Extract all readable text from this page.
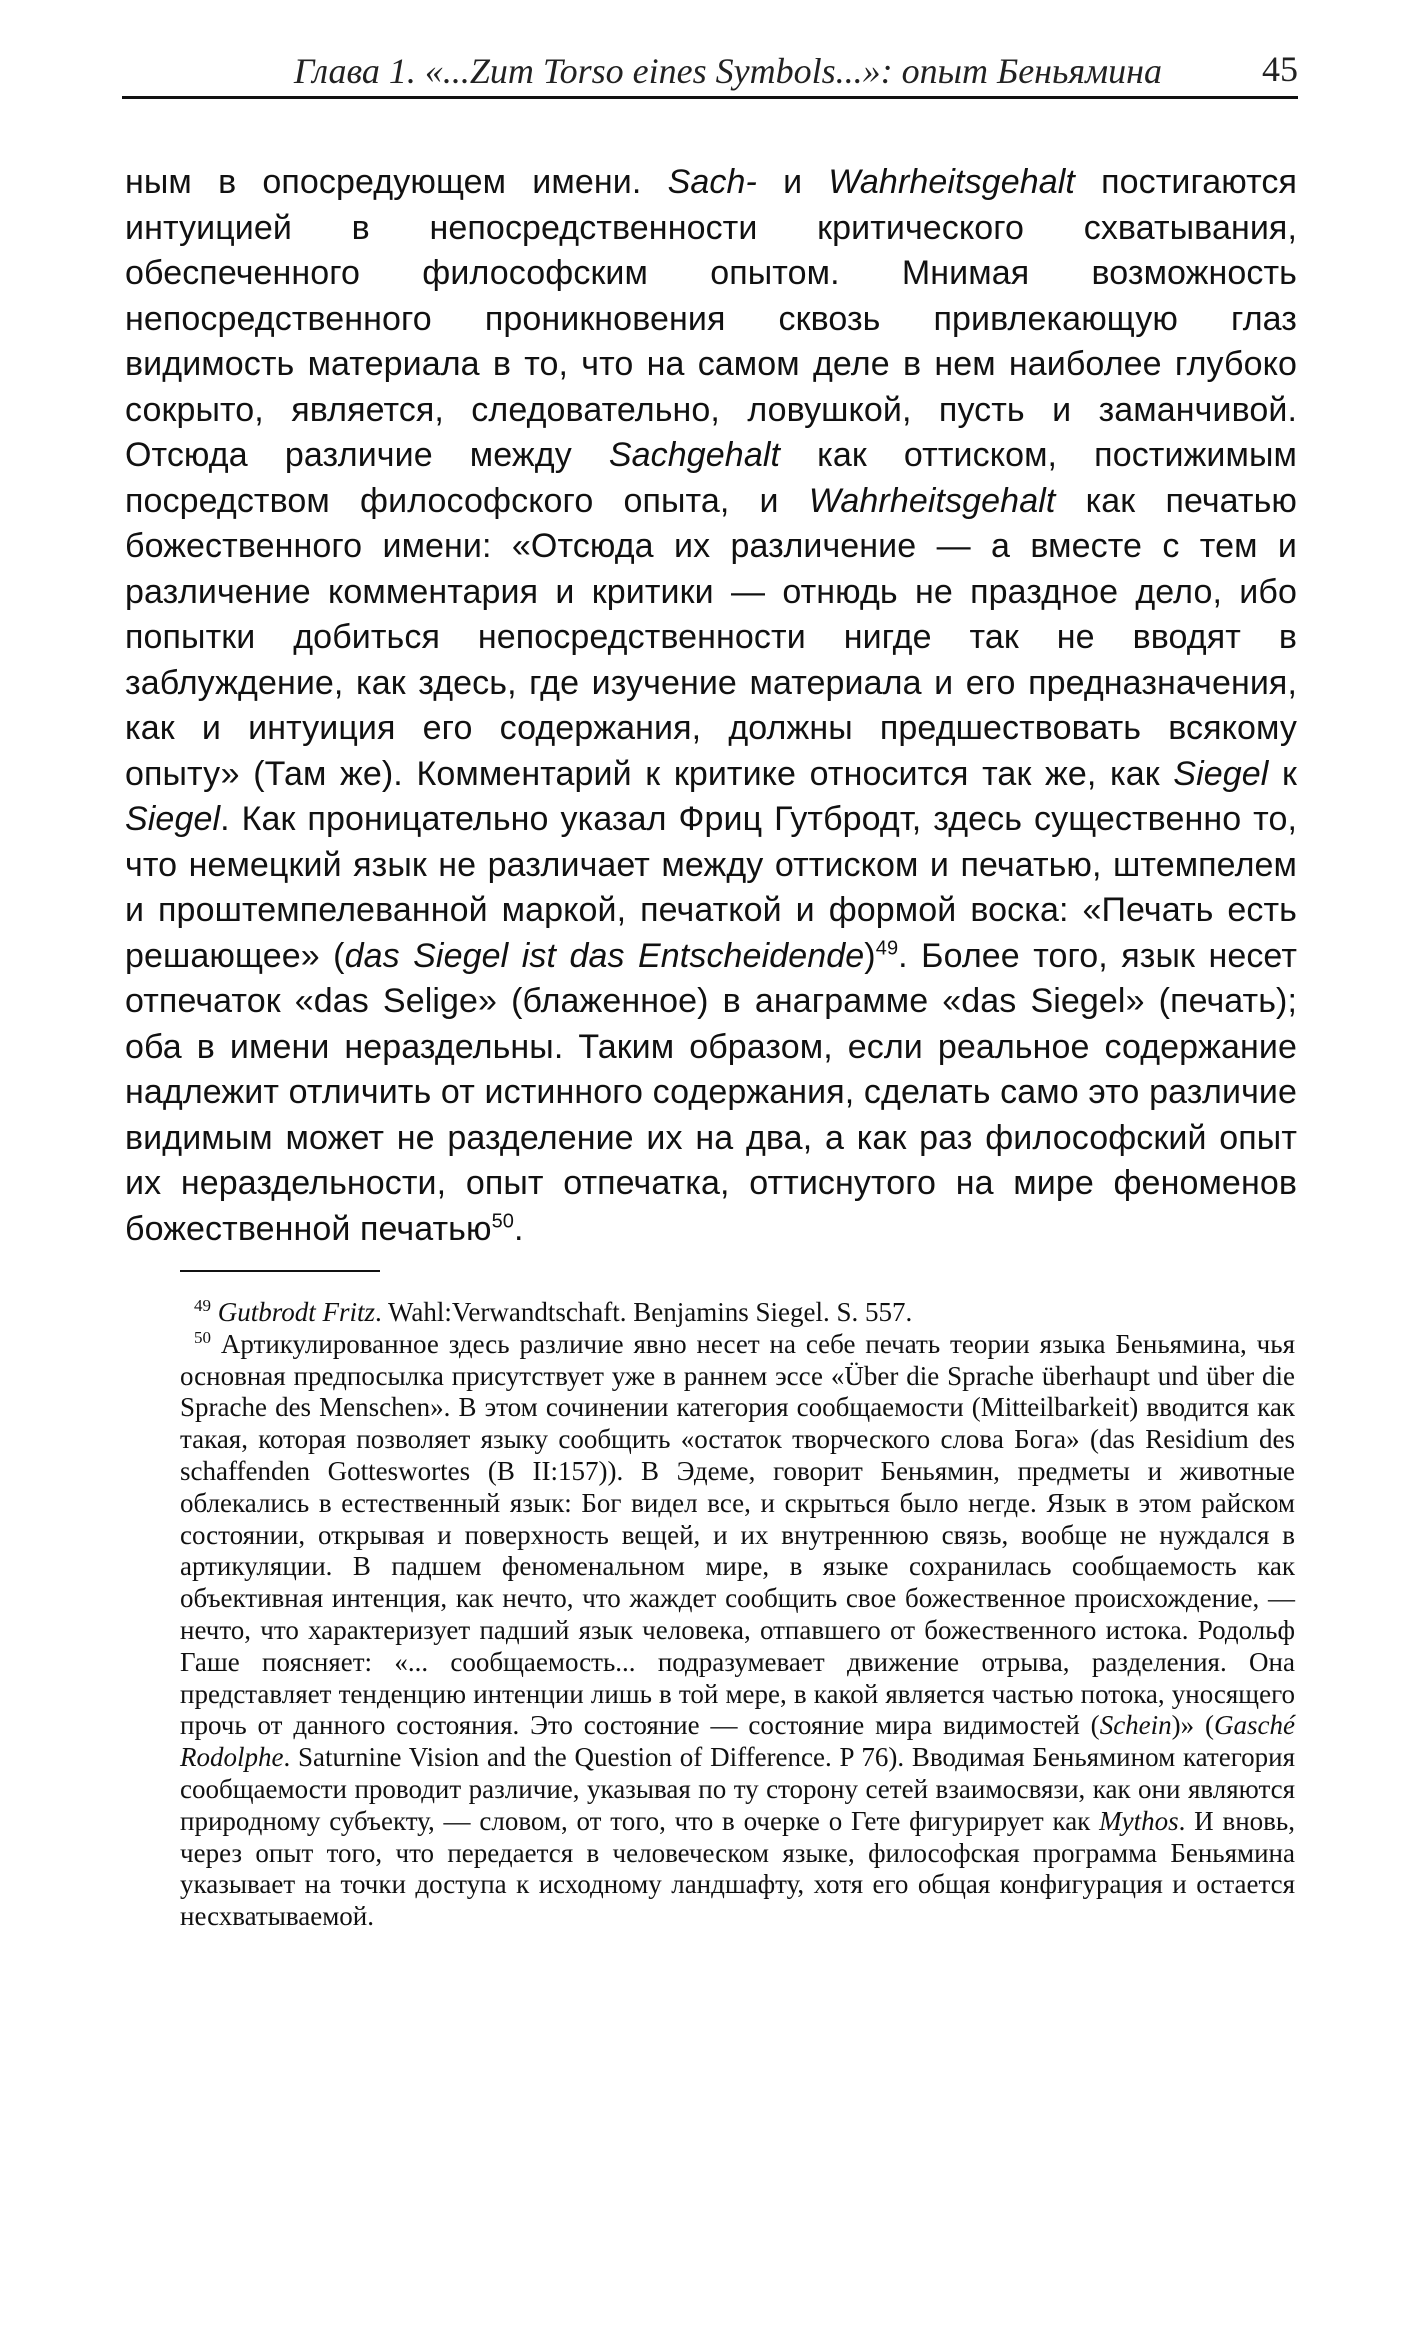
Глава 1. «...Zum Torso eines Symbols...»: опыт Беньямина	45

ным в опосредующем имени. Sach- и Wahrheitsgehalt постигаются интуицией в непосредственности критического схватывания, обеспеченного философским опытом. Мнимая возможность непосредственного проникновения сквозь привлекающую глаз видимость материала в то, что на самом деле в нем наиболее глубоко сокрыто, является, следовательно, ловушкой, пусть и заманчивой. Отсюда различие между Sachgehalt как оттиском, постижимым посредством философского опыта, и Wahrheitsgehalt как печатью божественного имени: «Отсюда их различение — а вместе с тем и различение комментария и критики — отнюдь не праздное дело, ибо попытки добиться непосредственности нигде так не вводят в заблуждение, как здесь, где изучение материала и его предназначения, как и интуиция его содержания, должны предшествовать всякому опыту» (Там же). Комментарий к критике относится так же, как Siegel к Siegel. Как проницательно указал Фриц Гутбродт, здесь существенно то, что немецкий язык не различает между оттиском и печатью, штемпелем и проштемпелеванной маркой, печаткой и формой воска: «Печать есть решающее» (das Siegel ist das Entscheidende)$^{49}$. Более того, язык несет отпечаток «das Selige» (блаженное) в анаграмме «das Siegel» (печать); оба в имени нераздельны. Таким образом, если реальное содержание надлежит отличить от истинного содержания, сделать само это различие видимым может не разделение их на два, а как раз философский опыт их нераздельности, опыт отпечатка, оттиснутого на мире феноменов божественной печатью$^{50}$.

$^{49}$ Gutbrodt Fritz. Wahl:Verwandtschaft. Benjamins Siegel. S. 557.

$^{50}$ Артикулированное здесь различие явно несет на себе печать теории языка Беньямина, чья основная предпосылка присутствует уже в раннем эссе «Über die Sprache überhaupt und über die Sprache des Menschen». В этом сочинении категория сообщаемости (Mitteilbarkeit) вводится как такая, которая позволяет языку сообщить «остаток творческого слова Бога» (das Residium des schaffenden Gotteswortes (B II:157)). В Эдеме, говорит Беньямин, предметы и животные облекались в естественный язык: Бог видел все, и скрыться было негде. Язык в этом райском состоянии, открывая и поверхность вещей, и их внутреннюю связь, вообще не нуждался в артикуляции. В падшем феноменальном мире, в языке сохранилась сообщаемость как объективная интенция, как нечто, что жаждет сообщить свое божественное происхождение, — нечто, что характеризует падший язык человека, отпавшего от божественного истока. Родольф Гаше поясняет: «... сообщаемость... подразумевает движение отрыва, разделения. Она представляет тенденцию интенции лишь в той мере, в какой является частью потока, уносящего прочь от данного состояния. Это состояние — состояние мира видимостей (Schein)» (Gasché Rodolphe. Saturnine Vision and the Question of Difference. P 76). Вводимая Беньямином категория сообщаемости проводит различие, указывая по ту сторону сетей взаимосвязи, как они являются природному субъекту, — словом, от того, что в очерке о Гете фигурирует как Mythos. И вновь, через опыт того, что передается в человеческом языке, философская программа Беньямина указывает на точки доступа к исходному ландшафту, хотя его общая конфигурация и остается несхватываемой.
